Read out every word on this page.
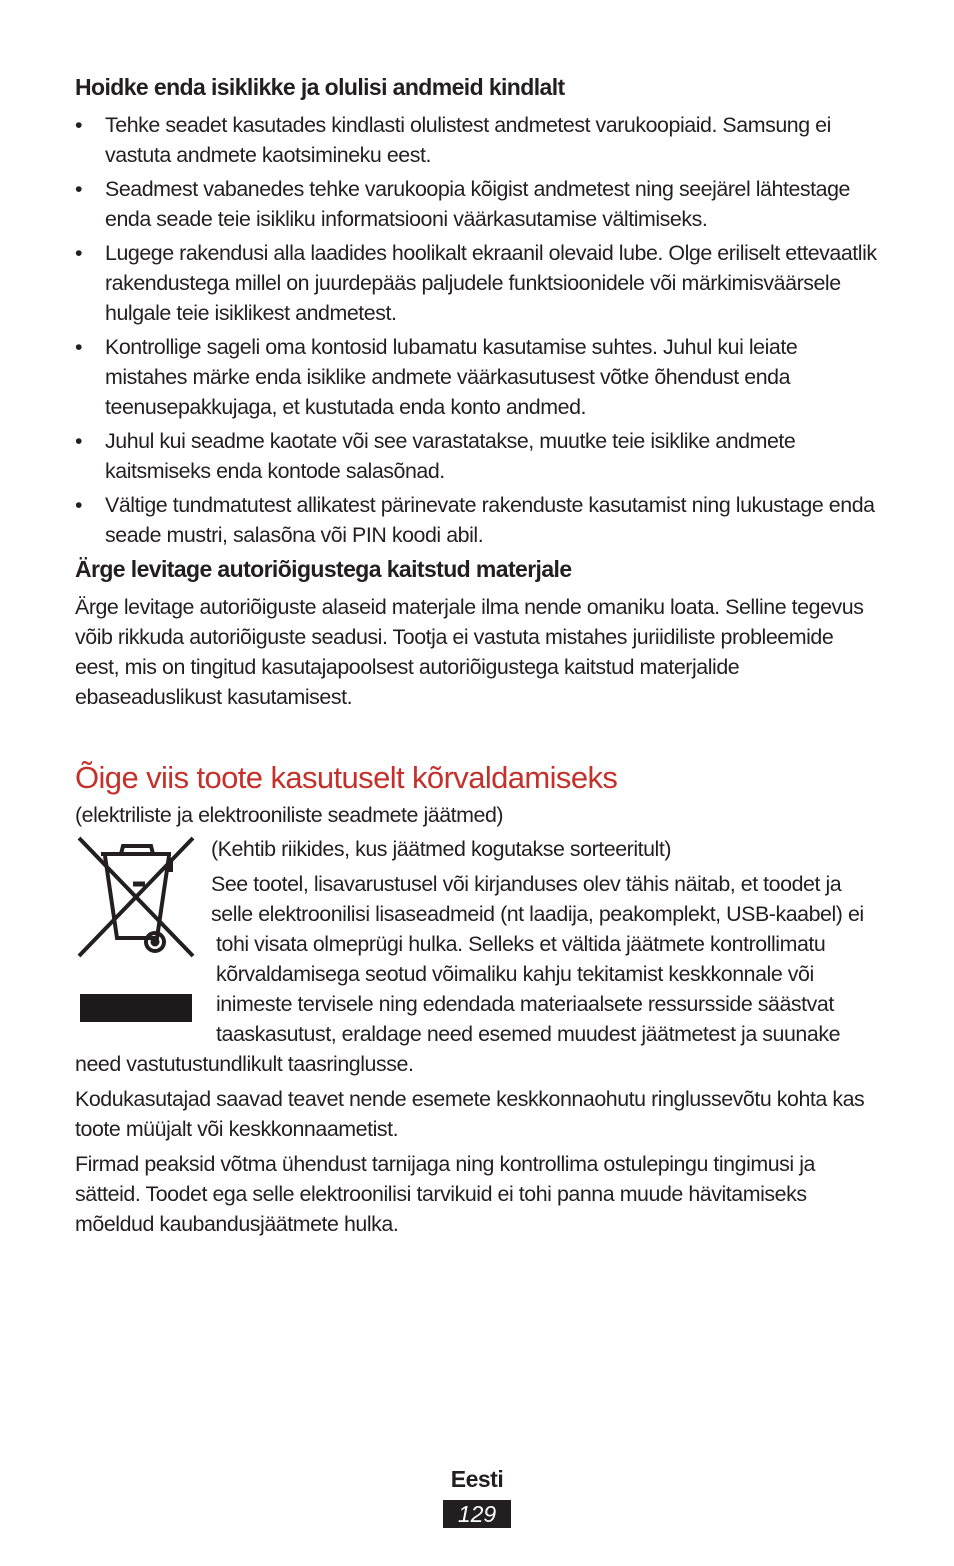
Hoidke enda isiklikke ja olulisi andmeid kindlalt
• Tehke seadet kasutades kindlasti olulistest andmetest varukoopiaid. Samsung ei vastuta andmete kaotsimineku eest.
• Seadmest vabanedes tehke varukoopia kõigist andmetest ning seejärel lähtestage enda seade teie isikliku informatsiooni väärkasutamise vältimiseks.
• Lugege rakendusi alla laadides hoolikalt ekraanil olevaid lube. Olge eriliselt ettevaatlik rakendustega millel on juurdepääs paljudele funktsioonidele või märkimisväärsele hulgale teie isiklikest andmetest.
• Kontrollige sageli oma kontosid lubamatu kasutamise suhtes. Juhul kui leiate mistahes märke enda isiklike andmete väärkasutusest võtke õhendust enda teenusepakkujaga, et kustutada enda konto andmed.
• Juhul kui seadme kaotate või see varastatakse, muutke teie isiklike andmete kaitsmiseks enda kontode salasõnad.
• Vältige tundmatutest allikatest pärinevate rakenduste kasutamist ning lukustage enda seade mustri, salasõna või PIN koodi abil.
Ärge levitage autoriõigustega kaitstud materjale

Ärge levitage autoriõiguste alaseid materjale ilma nende omaniku loata. Selline tegevus võib rikkuda autoriõiguste seadusi. Tootja ei vastuta mistahes juriidiliste probleemide eest, mis on tingitud kasutajapoolsest autoriõigustega kaitstud materjalide ebaseaduslikust kasutamisest.

Õige viis toote kasutuselt kõrvaldamiseks

(elektriliste ja elektrooniliste seadmete jäätmed)

(Kehtib riikides, kus jäätmed kogutakse sorteeritult)

See tootel, lisavarustusel või kirjanduses olev tähis näitab, et toodet ja selle elektroonilisi lisaseadmeid (nt laadija, peakomplekt, USB-kaabel) ei tohi visata olmeprügi hulka. Selleks et vältida jäätmete kontrollimatu kõrvaldamisega seotud võimaliku kahju tekitamist keskkonnale või inimeste tervisele ning edendada materiaalsete ressursside säästvat taaskasutust, eraldage need esemed muudest jäätmetest ja suunake need vastutustundlikult taasringlusse.

Kodukasutajad saavad teavet nende esemete keskkonnaohutu ringlussevõtu kohta kas toote müüjalt või keskkonnaametist.

Firmad peaksid võtma ühendust tarnijaga ning kontrollima ostulepingu tingimusi ja sätteid. Toodet ega selle elektroonilisi tarvikuid ei tohi panna muude hävitamiseks mõeldud kaubandusjäätmete hulka.

Eesti
129
